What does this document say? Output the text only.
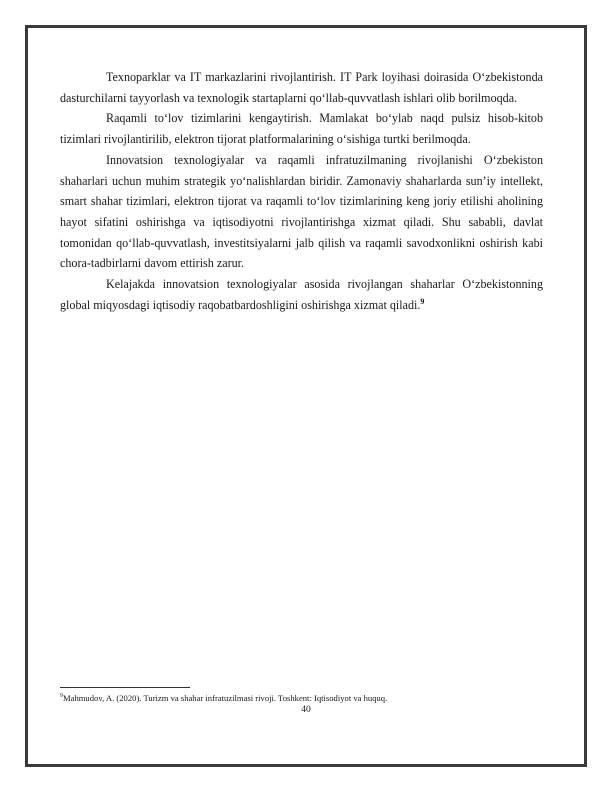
Texnoparklar va IT markazlarini rivojlantirish. IT Park loyihasi doirasida O‘zbekistonda dasturchilarni tayyorlash va texnologik startaplarni qo‘llab-quvvatlash ishlari olib borilmoqda.

Raqamli to‘lov tizimlarini kengaytirish. Mamlakat bo‘ylab naqd pulsiz hisob-kitob tizimlari rivojlantirilib, elektron tijorat platformalarining o‘sishiga turtki berilmoqda.

Innovatsion texnologiyalar va raqamli infratuzilmaning rivojlanishi O‘zbekiston shaharlari uchun muhim strategik yo‘nalishlardan biridir. Zamonaviy shaharlarda sun’iy intellekt, smart shahar tizimlari, elektron tijorat va raqamli to‘lov tizimlarining keng joriy etilishi aholining hayot sifatini oshirishga va iqtisodiyotni rivojlantirishga xizmat qiladi. Shu sababli, davlat tomonidan qo‘llab-quvvatlash, investitsiyalarni jalb qilish va raqamli savodxonlikni oshirish kabi chora-tadbirlarni davom ettirish zarur.

Kelajakda innovatsion texnologiyalar asosida rivojlangan shaharlar O‘zbekistonning global miqyosdagi iqtisodiy raqobatbardoshligini oshirishga xizmat qiladi.$^9$

$^9$Mahmudov, A. (2020). Turizm va shahar infratuzilmasi rivoji. Toshkent: Iqtisodiyot va huquq.

40
